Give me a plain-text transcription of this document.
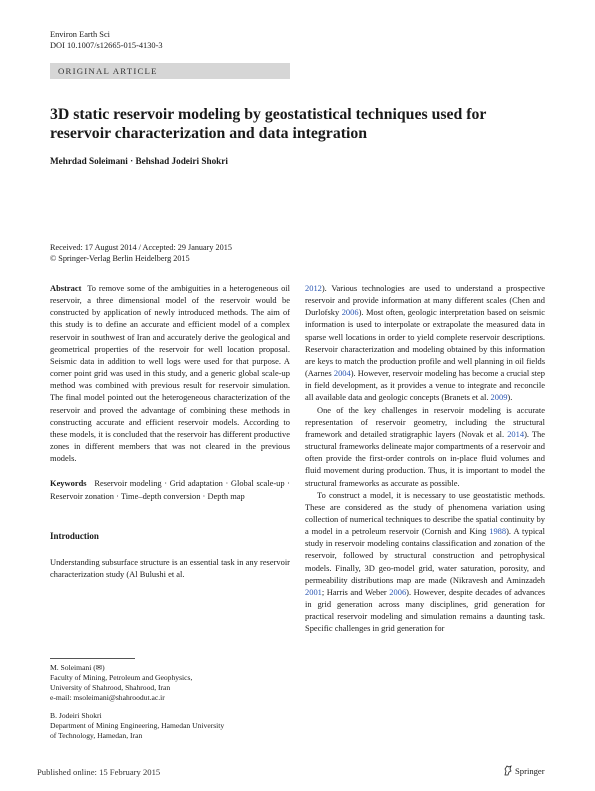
Environ Earth Sci
DOI 10.1007/s12665-015-4130-3
ORIGINAL ARTICLE
3D static reservoir modeling by geostatistical techniques used for reservoir characterization and data integration
Mehrdad Soleimani · Behshad Jodeiri Shokri
Received: 17 August 2014 / Accepted: 29 January 2015
© Springer-Verlag Berlin Heidelberg 2015

Abstract To remove some of the ambiguities in a heterogeneous oil reservoir, a three dimensional model of the reservoir would be constructed by application of newly introduced methods. The aim of this study is to define an accurate and efficient model of a complex reservoir in southwest of Iran and accurately derive the geological and geometrical properties of the reservoir for well location proposal. Seismic data in addition to well logs were used for that purpose. A corner point grid was used in this study, and a generic global scale-up method was combined with previous result for reservoir simulation. The final model pointed out the heterogeneous characterization of the reservoir and proved the advantage of combining these methods in constructing accurate and efficient reservoir models. According to these models, it is concluded that the reservoir has different productive zones in different members that was not cleared in the previous models.

Keywords Reservoir modeling · Grid adaptation · Global scale-up · Reservoir zonation · Time–depth conversion · Depth map

Introduction

Understanding subsurface structure is an essential task in any reservoir characterization study (Al Bulushi et al.

M. Soleimani (✉)

Faculty of Mining, Petroleum and Geophysics,

University of Shahrood, Shahrood, Iran

e-mail: msoleimani@shahroodut.ac.ir

B. Jodeiri Shokri

Department of Mining Engineering, Hamedan University

of Technology, Hamedan, Iran

2012). Various technologies are used to understand a prospective reservoir and provide information at many different scales (Chen and Durlofsky 2006). Most often, geologic interpretation based on seismic information is used to interpolate or extrapolate the measured data in sparse well locations in order to yield complete reservoir descriptions. Reservoir characterization and modeling obtained by this information are keys to match the production profile and well planning in oil fields (Aarnes 2004). However, reservoir modeling has become a crucial step in field development, as it provides a venue to integrate and reconcile all available data and geologic concepts (Branets et al. 2009).

One of the key challenges in reservoir modeling is accurate representation of reservoir geometry, including the structural framework and detailed stratigraphic layers (Novak et al. 2014). The structural frameworks delineate major compartments of a reservoir and often provide the first-order controls on in-place fluid volumes and fluid movement during production. Thus, it is important to model the structural frameworks as accurate as possible.

To construct a model, it is necessary to use geostatistic methods. These are considered as the study of phenomena variation using collection of numerical techniques to describe the spatial continuity by a model in a petroleum reservoir (Cornish and King 1988). A typical study in reservoir modeling contains classification and zonation of the reservoir, followed by structural construction and petrophysical models. Finally, 3D geo-model grid, water saturation, porosity, and permeability distributions map are made (Nikravesh and Aminzadeh 2001; Harris and Weber 2006). However, despite decades of advances in grid generation across many disciplines, grid generation for practical reservoir modeling and simulation remains a daunting task. Specific challenges in grid generation for

Published online: 15 February 2015	Springer
